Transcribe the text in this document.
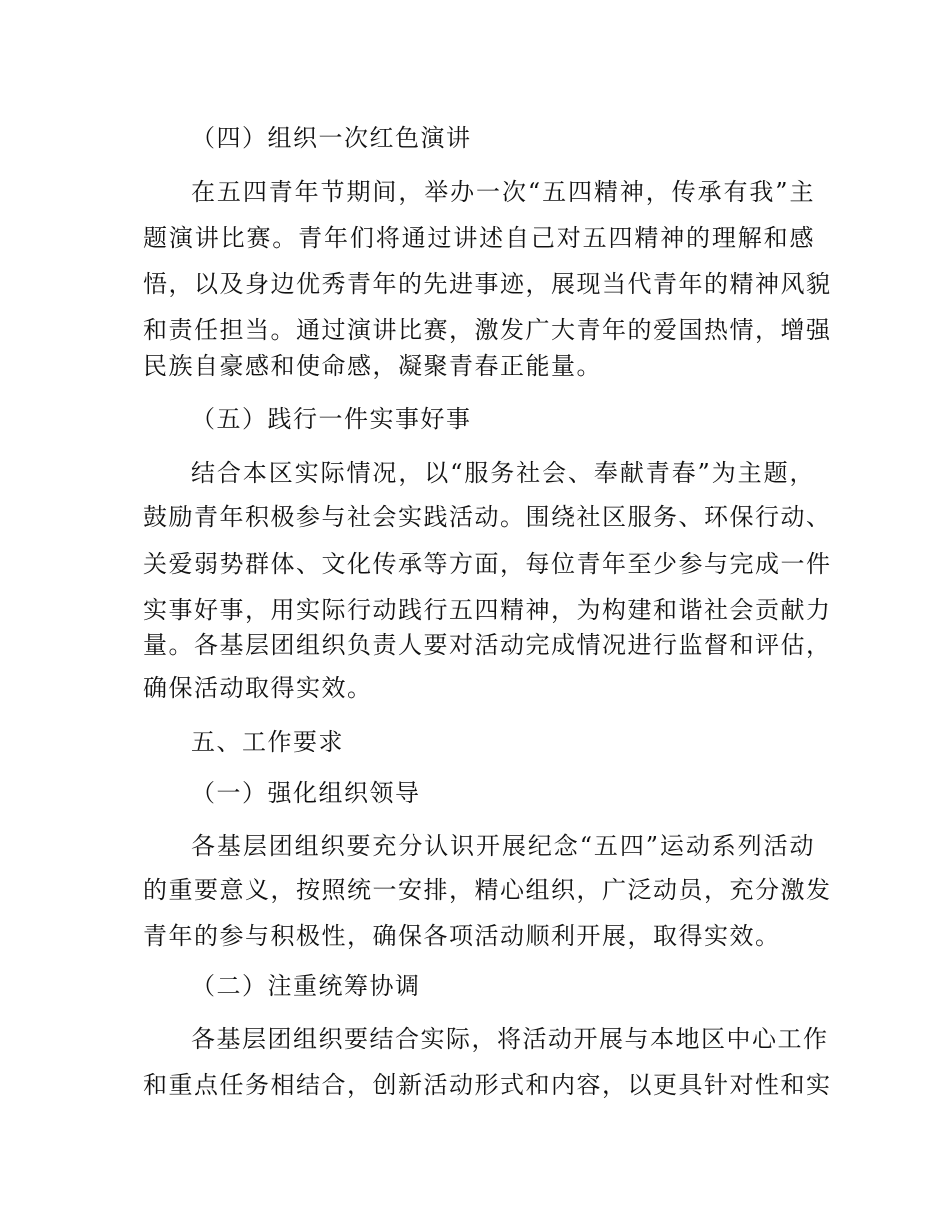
（四）组织一次红色演讲
在五四青年节期间，举办一次“五四精神，传承有我”主
题演讲比赛。青年们将通过讲述自己对五四精神的理解和感
悟，以及身边优秀青年的先进事迹，展现当代青年的精神风貌
和责任担当。通过演讲比赛，激发广大青年的爱国热情，增强
民族自豪感和使命感，凝聚青春正能量。
（五）践行一件实事好事
结合本区实际情况，以“服务社会、奉献青春”为主题，
鼓励青年积极参与社会实践活动。围绕社区服务、环保行动、
关爱弱势群体、文化传承等方面，每位青年至少参与完成一件
实事好事，用实际行动践行五四精神，为构建和谐社会贡献力
量。各基层团组织负责人要对活动完成情况进行监督和评估，
确保活动取得实效。
五、工作要求
（一）强化组织领导
各基层团组织要充分认识开展纪念“五四”运动系列活动
的重要意义，按照统一安排，精心组织，广泛动员，充分激发
青年的参与积极性，确保各项活动顺利开展，取得实效。
（二）注重统筹协调
各基层团组织要结合实际，将活动开展与本地区中心工作
和重点任务相结合，创新活动形式和内容，以更具针对性和实
